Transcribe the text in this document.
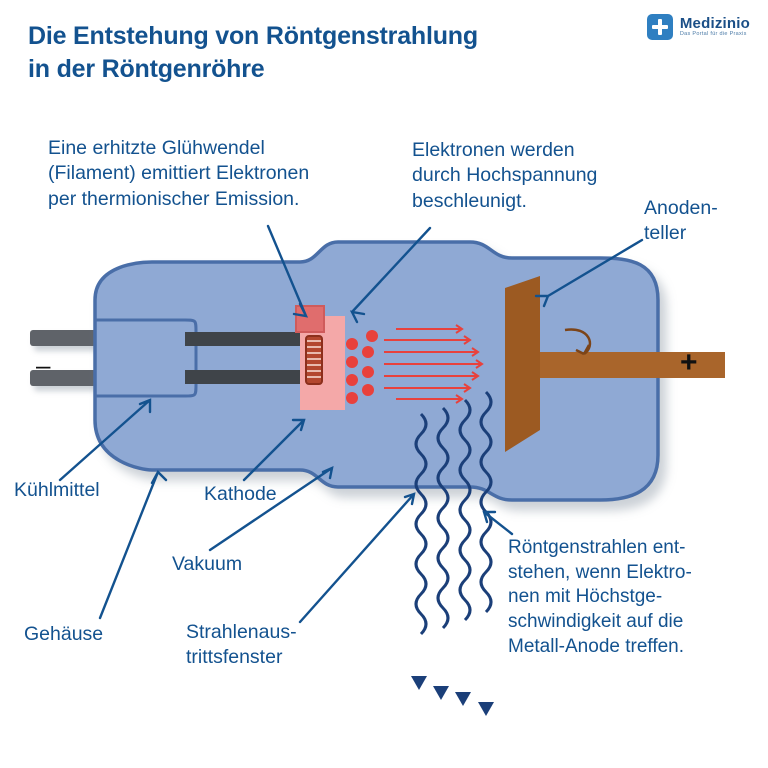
Die Entstehung von Röntgenstrahlung
in der Röntgenröhre
Medizinio
Das Portal für die Praxis
Eine erhitzte Glühwendel
(Filament) emittiert Elektronen
per thermionischer Emission.
Elektronen werden
durch Hochspannung
beschleunigt.	Anoden-
teller
Kühlmittel	Kathode
Vakuum
Gehäuse	Strahlenaus-
trittsfenster
Röntgenstrahlen ent-
stehen, wenn Elektro-
nen mit Höchstge-
schwindigkeit auf die
Metall-Anode treffen.
–	+
